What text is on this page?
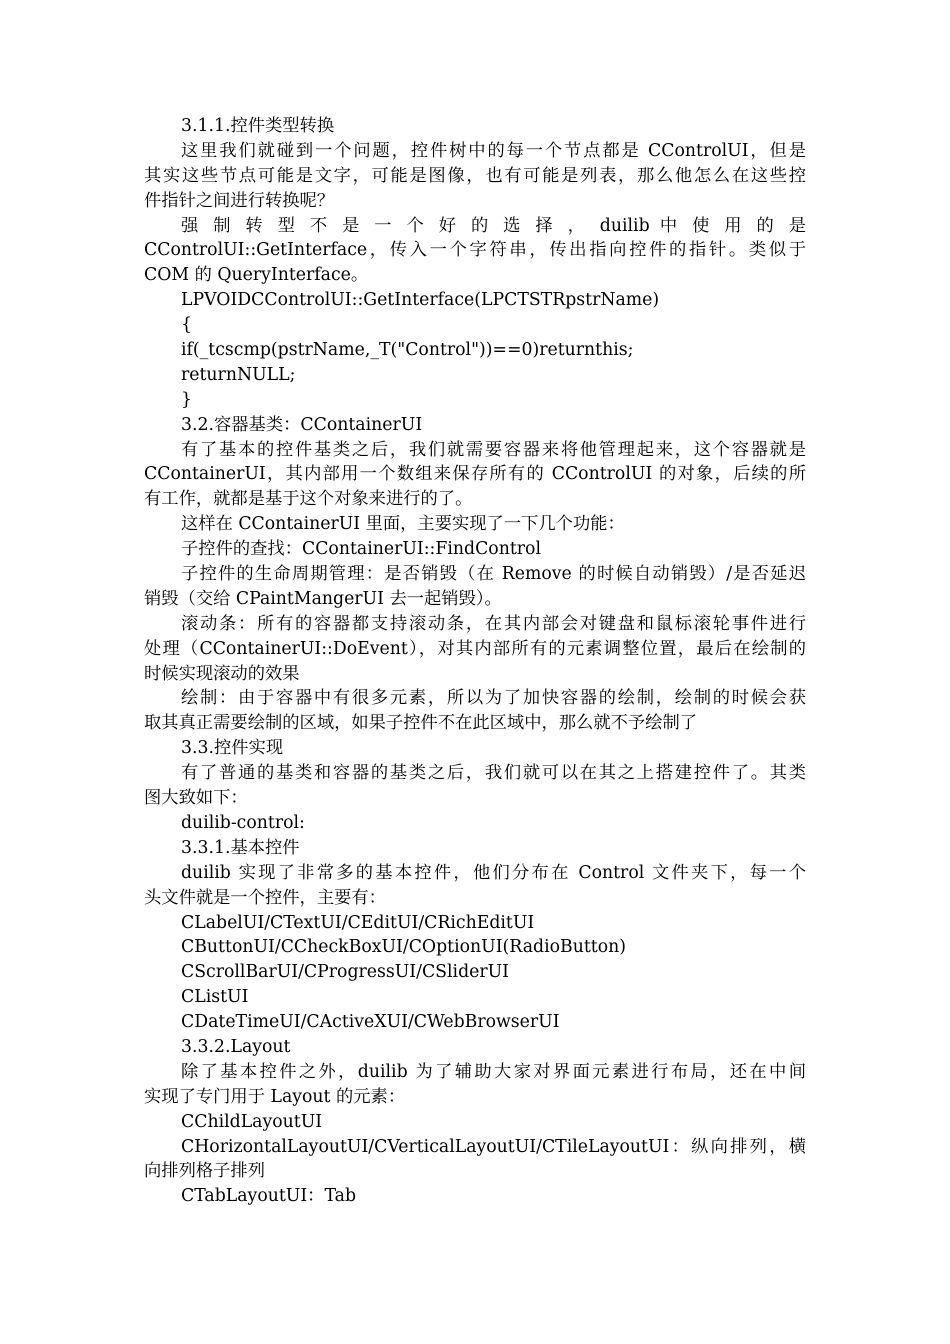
3.1.1.控件类型转换
这里我们就碰到一个问题，控件树中的每一个节点都是 CControlUI，但是
其实这些节点可能是文字，可能是图像，也有可能是列表，那么他怎么在这些控
件指针之间进行转换呢？
强 制 转 型 不 是 一 个 好 的 选 择 ， duilib 中 使 用 的 是
CControlUI::GetInterface，传入一个字符串，传出指向控件的指针。类似于
COM 的 QueryInterface。
LPVOIDCControlUI::GetInterface(LPCTSTRpstrName)
{
if(_tcscmp(pstrName,_T("Control"))==0)returnthis;
returnNULL;
}
3.2.容器基类：CContainerUI
有了基本的控件基类之后，我们就需要容器来将他管理起来，这个容器就是
CContainerUI，其内部用一个数组来保存所有的 CControlUI 的对象，后续的所
有工作，就都是基于这个对象来进行的了。
这样在 CContainerUI 里面，主要实现了一下几个功能：
子控件的查找：CContainerUI::FindControl
子控件的生命周期管理：是否销毁（在 Remove 的时候自动销毁）/是否延迟
销毁（交给 CPaintMangerUI 去一起销毁）。
滚动条：所有的容器都支持滚动条，在其内部会对键盘和鼠标滚轮事件进行
处理（CContainerUI::DoEvent），对其内部所有的元素调整位置，最后在绘制的
时候实现滚动的效果
绘制：由于容器中有很多元素，所以为了加快容器的绘制，绘制的时候会获
取其真正需要绘制的区域，如果子控件不在此区域中，那么就不予绘制了
3.3.控件实现
有了普通的基类和容器的基类之后，我们就可以在其之上搭建控件了。其类
图大致如下：
duilib-control:
3.3.1.基本控件
duilib 实现了非常多的基本控件，他们分布在 Control 文件夹下，每一个
头文件就是一个控件，主要有：
CLabelUI/CTextUI/CEditUI/CRichEditUI
CButtonUI/CCheckBoxUI/COptionUI(RadioButton)
CScrollBarUI/CProgressUI/CSliderUI
CListUI
CDateTimeUI/CActiveXUI/CWebBrowserUI
3.3.2.Layout
除了基本控件之外，duilib 为了辅助大家对界面元素进行布局，还在中间
实现了专门用于 Layout 的元素：
CChildLayoutUI
CHorizontalLayoutUI/CVerticalLayoutUI/CTileLayoutUI：纵向排列，横
向排列格子排列
CTabLayoutUI：Tab
